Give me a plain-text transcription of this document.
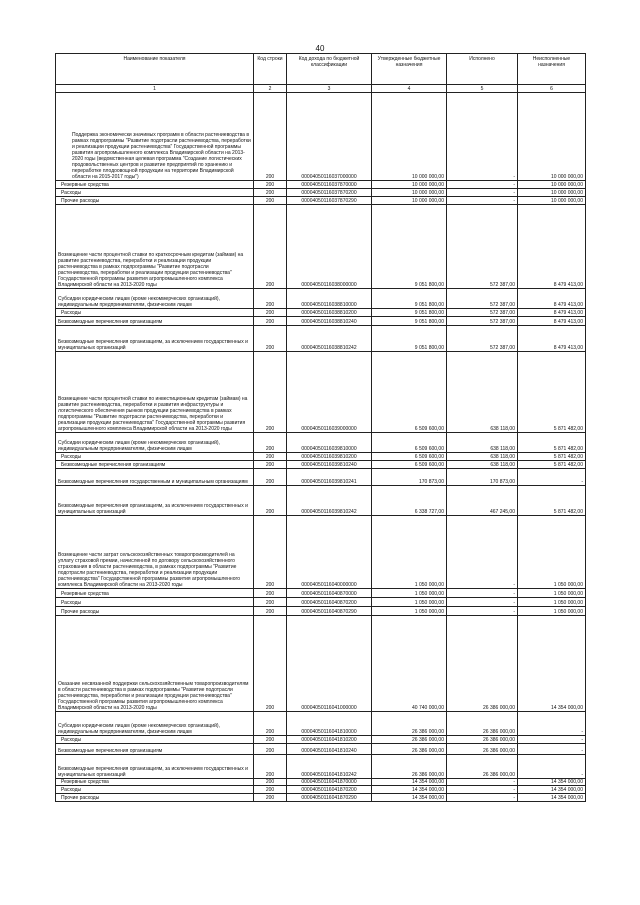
40
Наименование показателя	Код строки	Код дохода по бюджетной классификации	Утвержденные бюджетные назначения	Исполнено	Неисполненные назначения
1	2	3	4	5	6
Поддержка экономически значимых программ в области растениеводства в рамках подпрограммы "Развитие подотрасли растениеводства, переработки и реализации продукции растениеводства" Государственной программы развития агропромышленного комплекса Владимирской области на 2013-2020 годы (ведомственная целевая программа "Создание логистических продовольственных центров и развитие предприятий по хранению и переработке плодоовощной продукции на территории Владимирской области на 2015-2017 годы")	200	00004050116037000000	10 000 000,00	-	10 000 000,00
Резервные средства	200	00004050116037870000	10 000 000,00	-	10 000 000,00
Расходы	200	00004050116037870200	10 000 000,00	-	10 000 000,00
Прочие расходы	200	00004050116037870290	10 000 000,00	-	10 000 000,00
Возмещение части процентной ставки по краткосрочным кредитам (займам) на развитие растениеводства, переработки и реализации продукции растениеводства в рамках подпрограммы "Развитие подотрасли растениеводства, переработки и реализации продукции растениеводства" Государственной программы развития агропромышленного комплекса Владимирской области на 2013-2020 годы	200	00004050116038000000	9 051 800,00	572 387,00	8 479 413,00
Субсидии юридическим лицам (кроме некоммерческих организаций), индивидуальным предпринимателям, физическим лицам	200	00004050116038810000	9 051 800,00	572 387,00	8 479 413,00
Расходы	200	00004050116038810200	9 051 800,00	572 387,00	8 479 413,00
Безвозмездные перечисления организациям	200	00004050116038810240	9 051 800,00	572 387,00	8 479 413,00
Безвозмездные перечисления организациям, за исключением государственных и муниципальных организаций	200	00004050116038810242	9 051 800,00	572 387,00	8 479 413,00
Возмещение части процентной ставки по инвестиционным кредитам (займам) на развитие растениеводства, переработки и развития инфраструктуры и логистического обеспечения рынков продукции растениеводства в рамках подпрограммы "Развитие подотрасли растениеводства, переработки и реализации продукции растениеводства" Государственной программы развития агропромышленного комплекса Владимирской области на 2013-2020 годы	200	00004050116039000000	6 509 600,00	638 118,00	5 871 482,00
Субсидии юридическим лицам (кроме некоммерческих организаций), индивидуальным предпринимателям, физическим лицам	200	00004050116039810000	6 509 600,00	638 118,00	5 871 482,00
Расходы	200	00004050116039810200	6 509 600,00	638 118,00	5 871 482,00
Безвозмездные перечисления организациям	200	00004050116039810240	6 509 600,00	638 118,00	5 871 482,00
Безвозмездные перечисления государственным и муниципальным организациям	200	00004050116039810241	170 873,00	170 873,00	-
Безвозмездные перечисления организациям, за исключением государственных и муниципальных организаций	200	00004050116039810242	6 338 727,00	467 245,00	5 871 482,00
Возмещение части затрат сельскохозяйственных товаропроизводителей на уплату страховой премии, начисленной по договору сельскохозяйственного страхования в области растениеводства, в рамках подпрограммы "Развитие подотрасли растениеводства, переработки и реализации продукции растениеводства" Государственной программы развития агропромышленного комплекса Владимирской области на 2013-2020 годы	200	00004050116040000000	1 050 000,00	-	1 050 000,00
Резервные средства	200	00004050116040870000	1 050 000,00	-	1 050 000,00
Расходы	200	00004050116040870200	1 050 000,00	-	1 050 000,00
Прочие расходы	200	00004050116040870290	1 050 000,00	-	1 050 000,00
Оказание несвязанной поддержки сельскохозяйственным товаропроизводителям в области растениеводства в рамках подпрограммы "Развитие подотрасли растениеводства, переработки и реализации продукции растениеводства" Государственной программы развития агропромышленного комплекса Владимирской области на 2013-2020 годы	200	00004050116041000000	40 740 000,00	26 386 000,00	14 354 000,00
Субсидии юридическим лицам (кроме некоммерческих организаций), индивидуальным предпринимателям, физическим лицам	200	00004050116041810000	26 386 000,00	26 386 000,00	-
Расходы	200	00004050116041810200	26 386 000,00	26 386 000,00	-
Безвозмездные перечисления организациям	200	00004050116041810240	26 386 000,00	26 386 000,00	-
Безвозмездные перечисления организациям, за исключением государственных и муниципальных организаций	200	00004050116041810242	26 386 000,00	26 386 000,00	-
Резервные средства	200	00004050116041870000	14 354 000,00	-	14 354 000,00
Расходы	200	00004050116041870200	14 354 000,00	-	14 354 000,00
Прочие расходы	200	00004050116041870290	14 354 000,00	-	14 354 000,00
